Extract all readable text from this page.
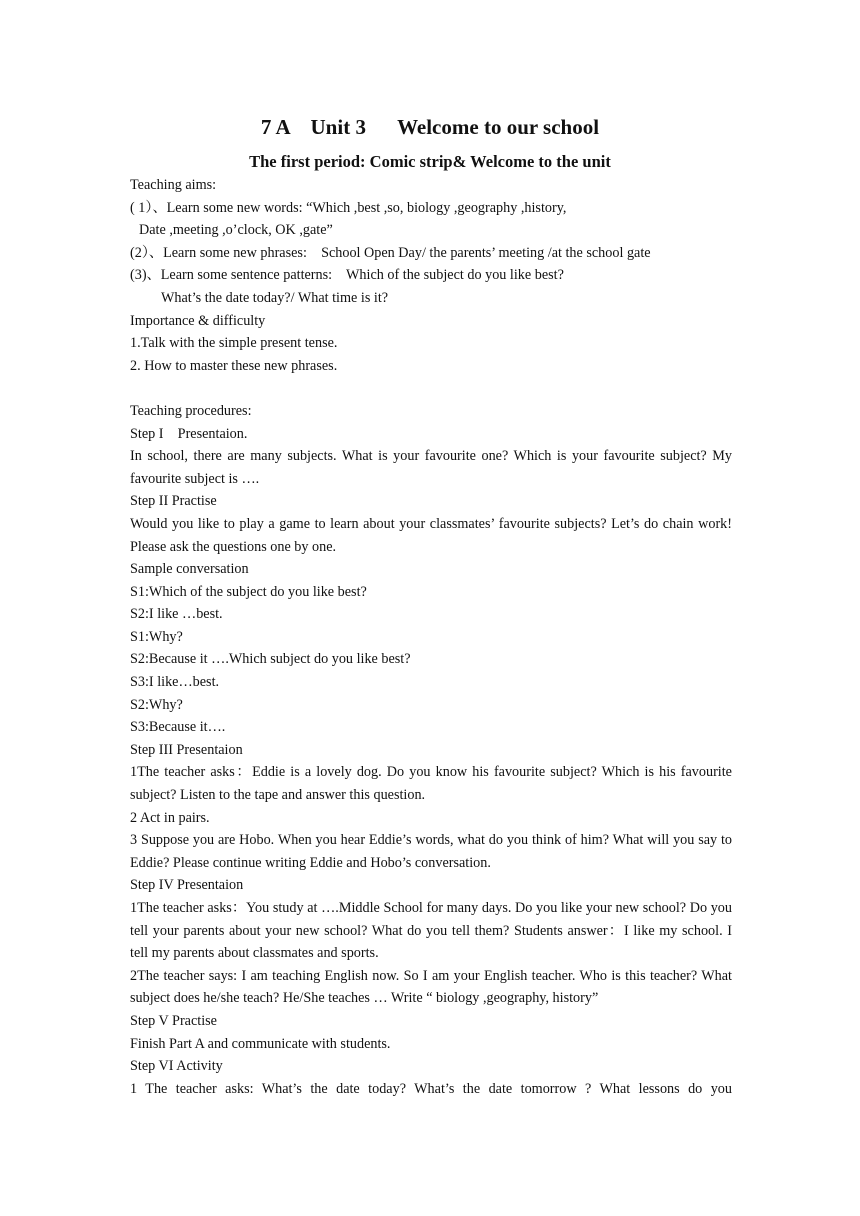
7 A    Unit 3      Welcome to our school
The first period: Comic strip& Welcome to the unit
Teaching aims:
( 1）、Learn some new words: “Which ,best ,so, biology ,geography ,history,
Date ,meeting ,o’clock, OK ,gate”
(2）、Learn some new phrases:    School Open Day/ the parents’ meeting /at the school gate
(3)、Learn some sentence patterns:    Which of the subject do you like best?
What’s the date today?/ What time is it?
Importance & difficulty
1.Talk with the simple present tense.
2. How to master these new phrases.
Teaching procedures:
Step I    Presentaion.
In school, there are many subjects. What is your favourite one? Which is your favourite subject? My favourite subject is ….
Step II Practise
Would you like to play a game to learn about your classmates’ favourite subjects? Let’s do chain work! Please ask the questions one by one.
Sample conversation
S1:Which of the subject do you like best?
S2:I like …best.
S1:Why?
S2:Because it ….Which subject do you like best?
S3:I like…best.
S2:Why?
S3:Because it….
Step III Presentaion
1The teacher asks：Eddie is a lovely dog. Do you know his favourite subject? Which is his favourite subject? Listen to the tape and answer this question.
2 Act in pairs.
3 Suppose you are Hobo. When you hear Eddie’s words, what do you think of him? What will you say to Eddie? Please continue writing Eddie and Hobo’s conversation.
Step IV Presentaion
1The teacher asks：You study at ….Middle School for many days. Do you like your new school? Do you tell your parents about your new school? What do you tell them? Students answer：I like my school. I tell my parents about classmates and sports.
2The teacher says: I am teaching English now. So I am your English teacher. Who is this teacher? What subject does he/she teach? He/She teaches … Write “ biology ,geography, history”
Step V Practise
Finish Part A and communicate with students.
Step VI Activity
1 The teacher asks: What’s the date today? What’s the date tomorrow ? What lessons do you
